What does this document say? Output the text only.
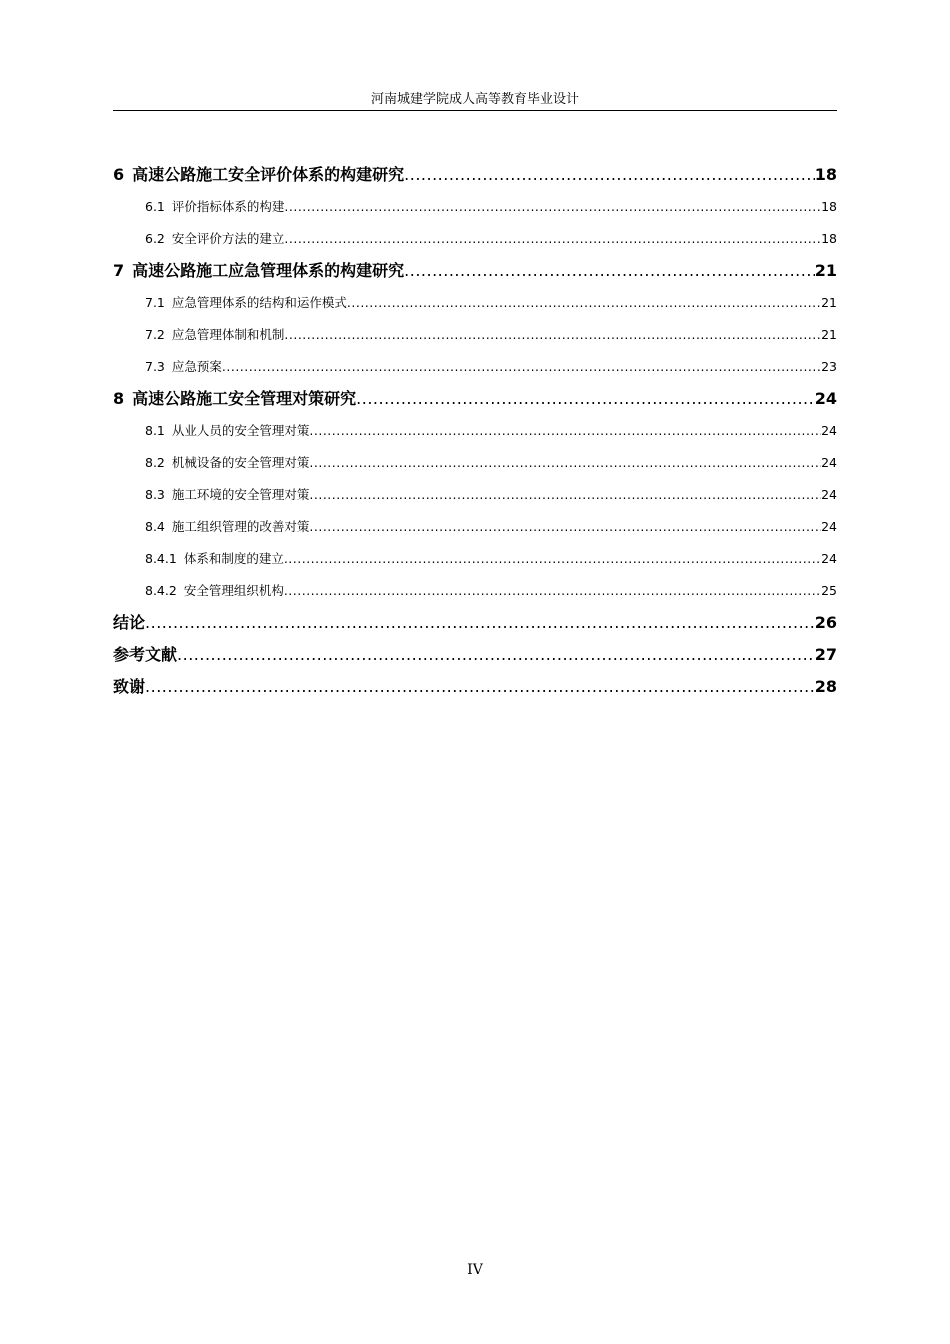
河南城建学院成人高等教育毕业设计
6 高速公路施工安全评价体系的构建研究 .....	18
6.1 评价指标体系的构建 .....	18
6.2 安全评价方法的建立 .....	18
7 高速公路施工应急管理体系的构建研究 .....	21
7.1 应急管理体系的结构和运作模式 .....	21
7.2 应急管理体制和机制 .....	21
7.3 应急预案 .....	23
8 高速公路施工安全管理对策研究 .....	24
8.1 从业人员的安全管理对策 .....	24
8.2 机械设备的安全管理对策 .....	24
8.3 施工环境的安全管理对策 .....	24
8.4 施工组织管理的改善对策 .....	24
8.4.1 体系和制度的建立 .....	24
8.4.2 安全管理组织机构 .....	25
结论 .....	26
参考文献 .....	27
致谢 .....	28
IV
